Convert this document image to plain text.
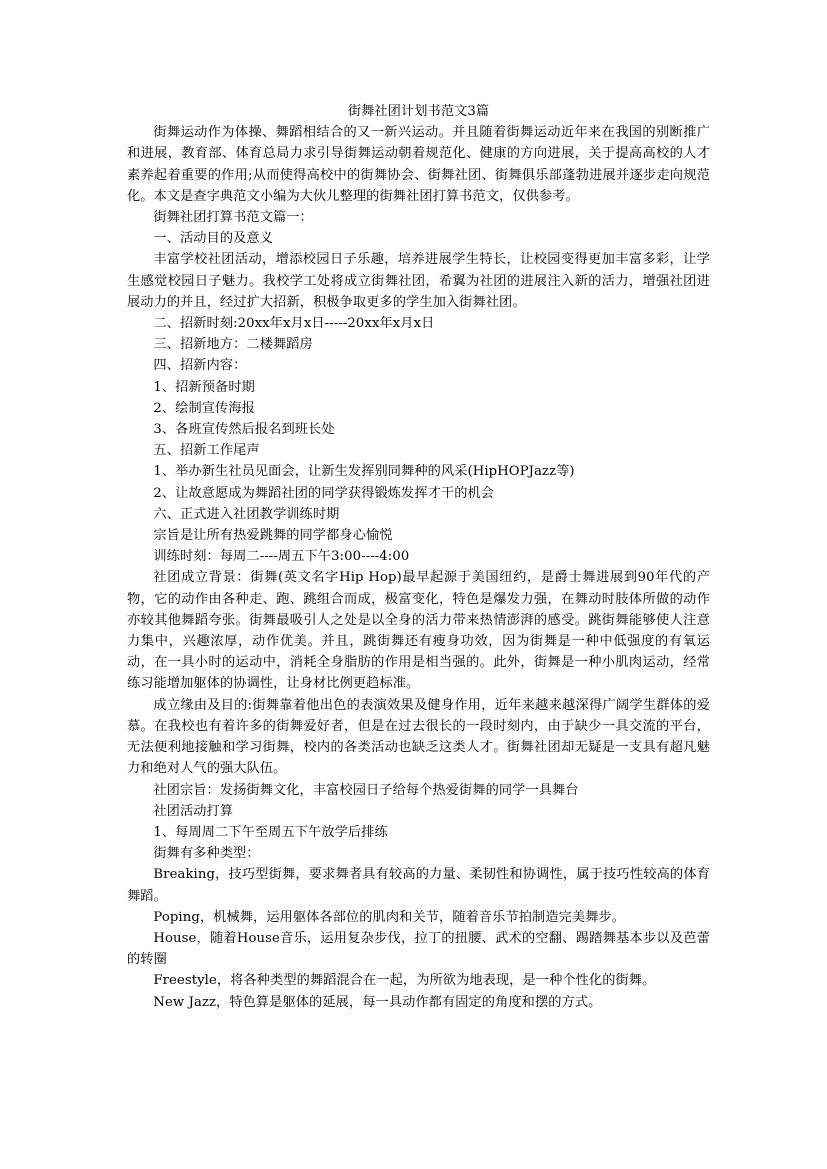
街舞社团计划书范文3篇

街舞运动作为体操、舞蹈相结合的又一新兴运动。并且随着街舞运动近年来在我国的别断推广和进展，教育部、体育总局力求引导街舞运动朝着规范化、健康的方向进展，关于提高高校的人才素养起着重要的作用;从而使得高校中的街舞协会、街舞社团、街舞俱乐部蓬勃进展并逐步走向规范化。本文是查字典范文小编为大伙儿整理的街舞社团打算书范文，仅供参考。

街舞社团打算书范文篇一：

一、活动目的及意义

丰富学校社团活动，增添校园日子乐趣，培养进展学生特长，让校园变得更加丰富多彩，让学生感觉校园日子魅力。我校学工处将成立街舞社团，希翼为社团的进展注入新的活力，增强社团进展动力的并且，经过扩大招新，积极争取更多的学生加入街舞社团。

二、招新时刻:20xx年x月x日-----20xx年x月x日

三、招新地方：二楼舞蹈房

四、招新内容：

1、招新预备时期

2、绘制宣传海报

3、各班宣传然后报名到班长处

五、招新工作尾声

1、举办新生社员见面会，让新生发挥别同舞种的风采(HipHOPJazz等)

2、让故意愿成为舞蹈社团的同学获得锻炼发挥才干的机会

六、正式进入社团教学训练时期

宗旨是让所有热爱跳舞的同学都身心愉悦

训练时刻：每周二----周五下午3:00----4:00

社团成立背景：街舞(英文名字Hip Hop)最早起源于美国纽约，是爵士舞进展到90年代的产物，它的动作由各种走、跑、跳组合而成，极富变化，特色是爆发力强，在舞动时肢体所做的动作亦较其他舞蹈夸张。街舞最吸引人之处是以全身的活力带来热情澎湃的感受。跳街舞能够使人注意力集中，兴趣浓厚，动作优美。并且，跳街舞还有瘦身功效，因为街舞是一种中低强度的有氧运动，在一具小时的运动中，消耗全身脂肪的作用是相当强的。此外，街舞是一种小肌肉运动，经常练习能增加躯体的协调性，让身材比例更趋标准。

成立缘由及目的:街舞靠着他出色的表演效果及健身作用，近年来越来越深得广阔学生群体的爱慕。在我校也有着许多的街舞爱好者，但是在过去很长的一段时刻内，由于缺少一具交流的平台，无法便利地接触和学习街舞，校内的各类活动也缺乏这类人才。街舞社团却无疑是一支具有超凡魅力和绝对人气的强大队伍。

社团宗旨：发扬街舞文化，丰富校园日子给每个热爱街舞的同学一具舞台

社团活动打算

1、每周周二下午至周五下午放学后排练

街舞有多种类型：

Breaking，技巧型街舞，要求舞者具有较高的力量、柔韧性和协调性，属于技巧性较高的体育舞蹈。

Poping，机械舞，运用躯体各部位的肌肉和关节，随着音乐节拍制造完美舞步。

House，随着House音乐，运用复杂步伐，拉丁的扭腰、武术的空翻、踢踏舞基本步以及芭蕾的转圈

Freestyle，将各种类型的舞蹈混合在一起，为所欲为地表现，是一种个性化的街舞。

New Jazz，特色算是躯体的延展，每一具动作都有固定的角度和摆的方式。
